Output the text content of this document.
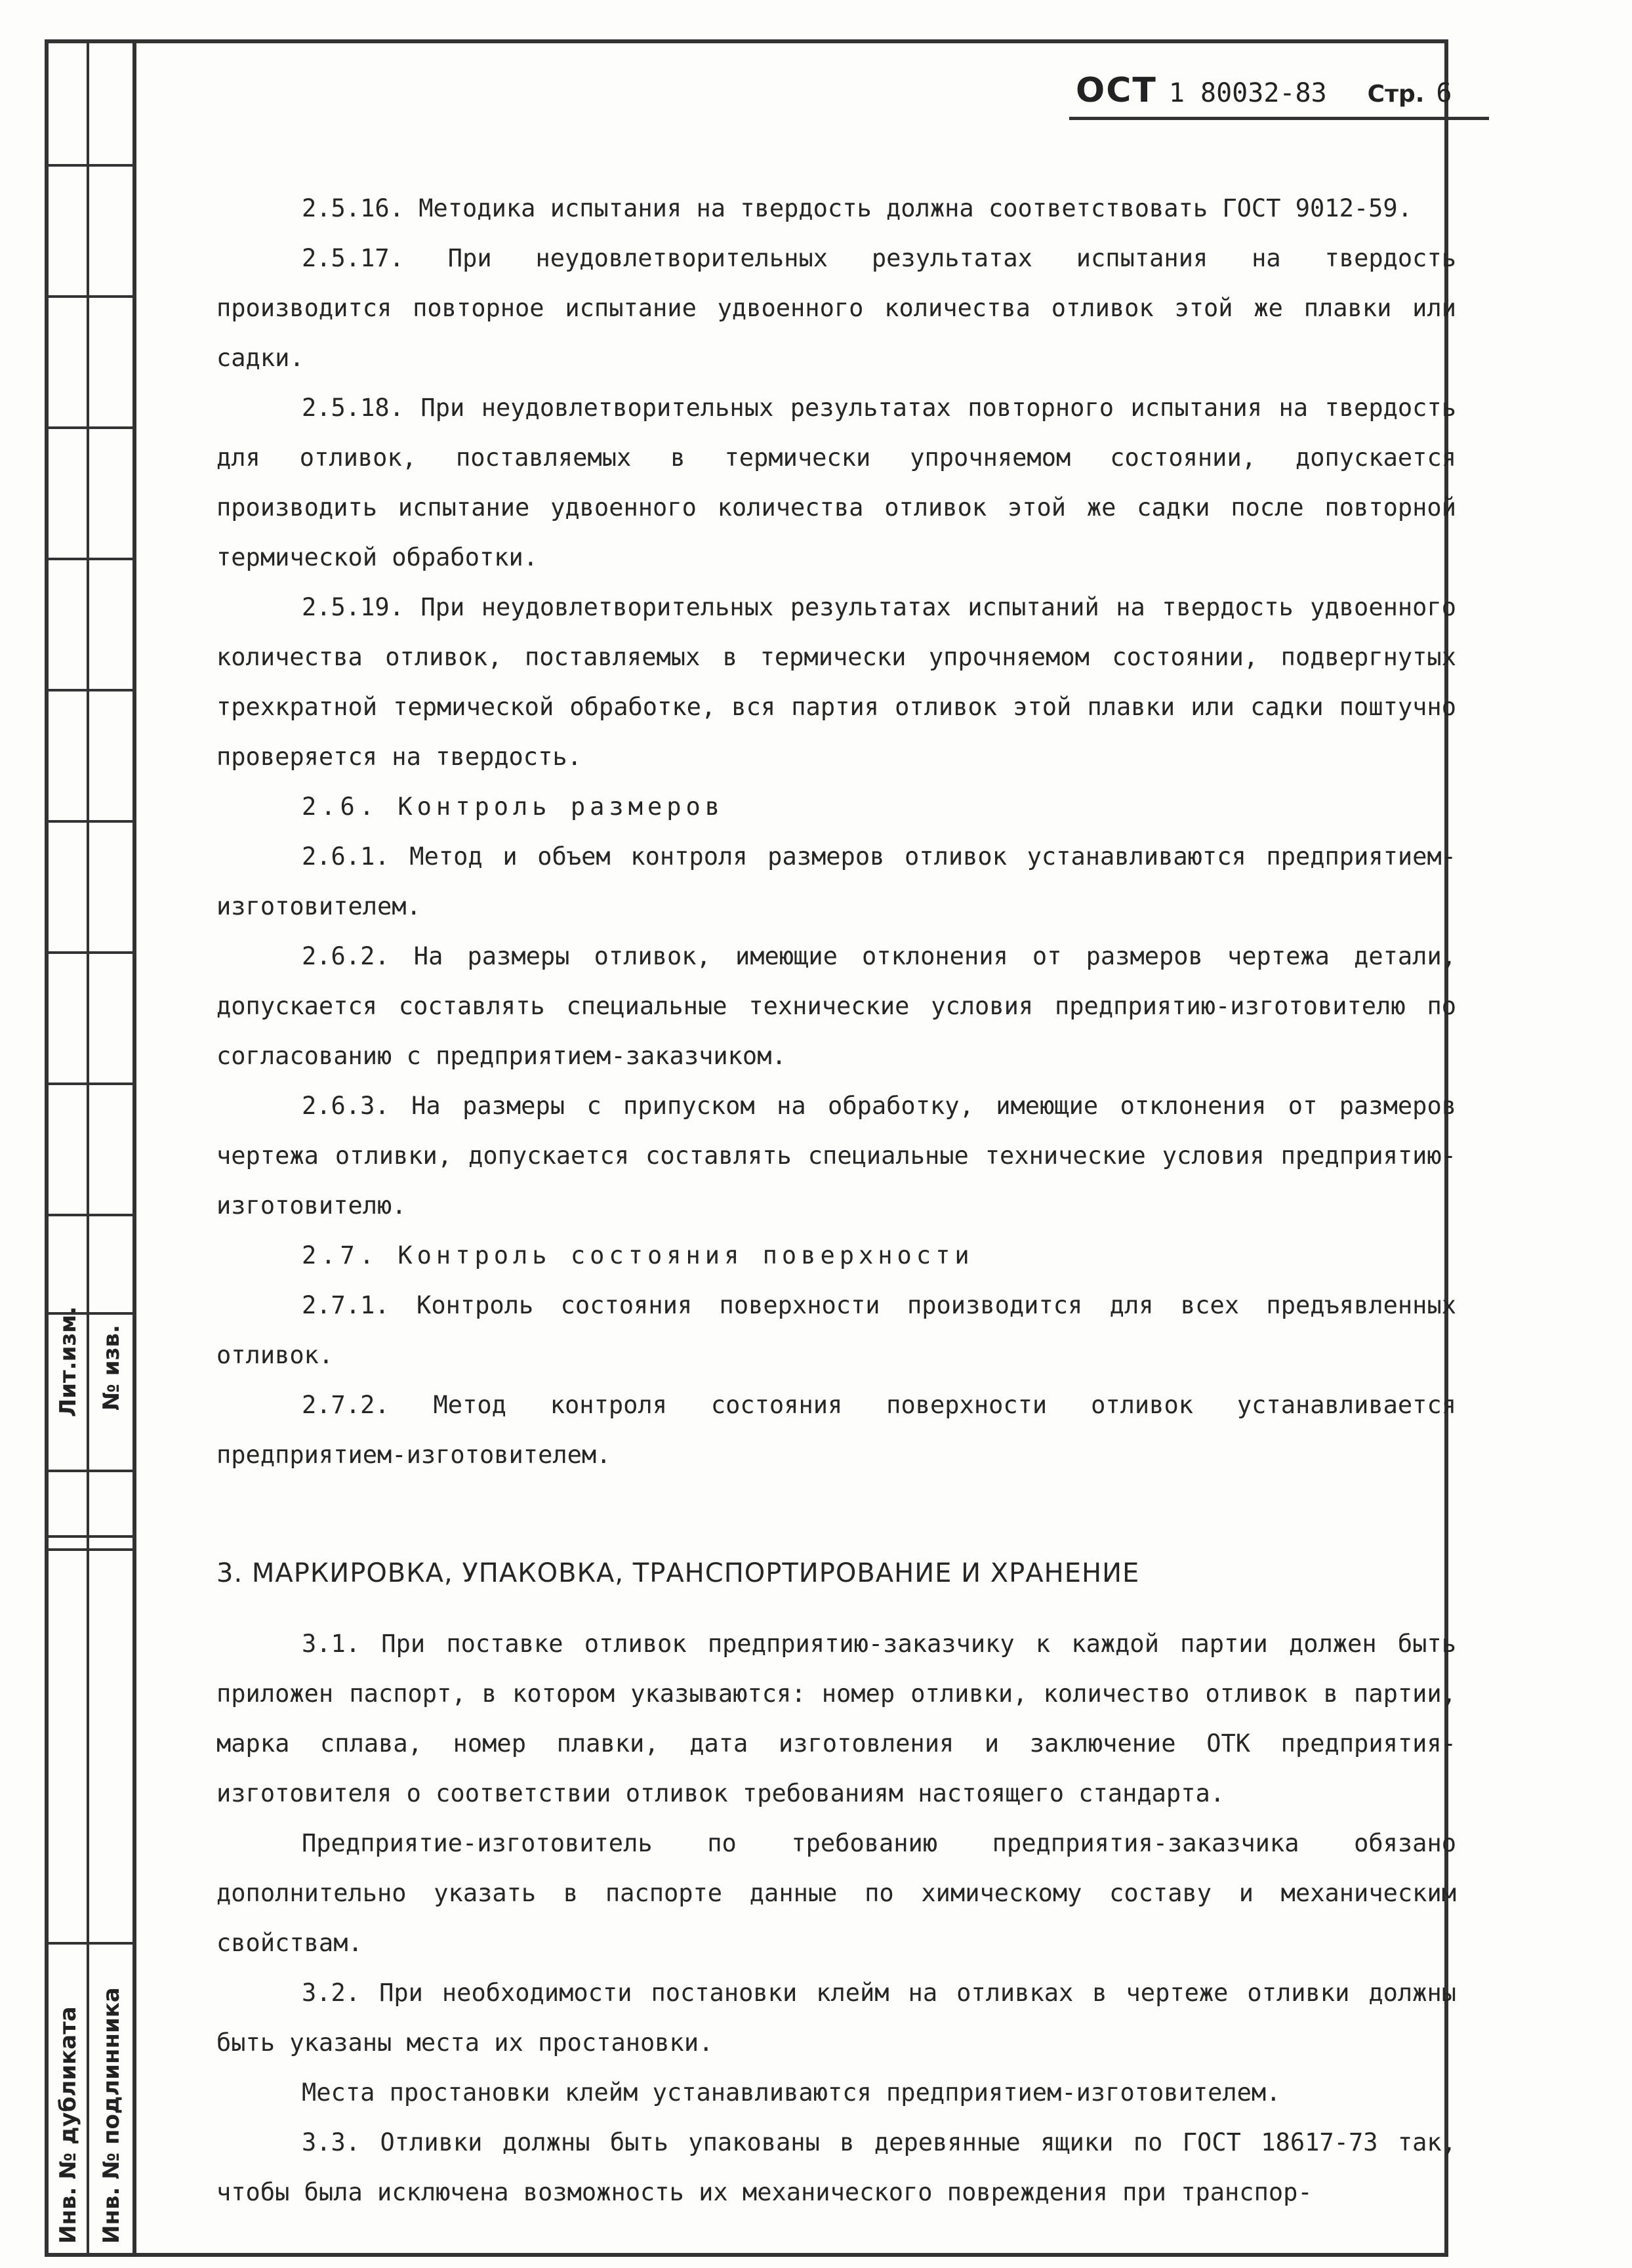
Лит.изм. № изв.
Инв. № дубликата Инв. № подлинника
ОСТ 1 80032-83 Стр. 6

2.5.16. Методика испытания на твердость должна соответствовать ГОСТ 9012-59.

2.5.17. При неудовлетворительных результатах испытания на твердость производится повторное испытание удвоенного количества отливок этой же плавки или садки.

2.5.18. При неудовлетворительных результатах повторного испытания на твердость для отливок, поставляемых в термически упрочняемом состоянии, допускается производить испытание удвоенного количества отливок этой же садки после повторной термической обработки.

2.5.19. При неудовлетворительных результатах испытаний на твердость удвоенного количества отливок, поставляемых в термически упрочняемом состоянии, подвергнутых трехкратной термической обработке, вся партия отливок этой плавки или садки поштучно проверяется на твердость.

2.6. Контроль размеров

2.6.1. Метод и объем контроля размеров отливок устанавливаются предприятием-изготовителем.

2.6.2. На размеры отливок, имеющие отклонения от размеров чертежа детали, допускается составлять специальные технические условия предприятию-изготовителю по согласованию с предприятием-заказчиком.

2.6.3. На размеры с припуском на обработку, имеющие отклонения от размеров чертежа отливки, допускается составлять специальные технические условия предприятию-изготовителю.

2.7. Контроль состояния поверхности

2.7.1. Контроль состояния поверхности производится для всех предъявленных отливок.

2.7.2. Метод контроля состояния поверхности отливок устанавливается предприятием-изготовителем.

3. МАРКИРОВКА, УПАКОВКА, ТРАНСПОРТИРОВАНИЕ И ХРАНЕНИЕ

3.1. При поставке отливок предприятию-заказчику к каждой партии должен быть приложен паспорт, в котором указываются: номер отливки, количество отливок в партии, марка сплава, номер плавки, дата изготовления и заключение ОТК предприятия-изготовителя о соответствии отливок требованиям настоящего стандарта.

Предприятие-изготовитель по требованию предприятия-заказчика обязано дополнительно указать в паспорте данные по химическому составу и механическим свойствам.

3.2. При необходимости постановки клейм на отливках в чертеже отливки должны быть указаны места их простановки.

Места простановки клейм устанавливаются предприятием-изготовителем.

3.3. Отливки должны быть упакованы в деревянные ящики по ГОСТ 18617-73 так, чтобы была исключена возможность их механического повреждения при транспор-
